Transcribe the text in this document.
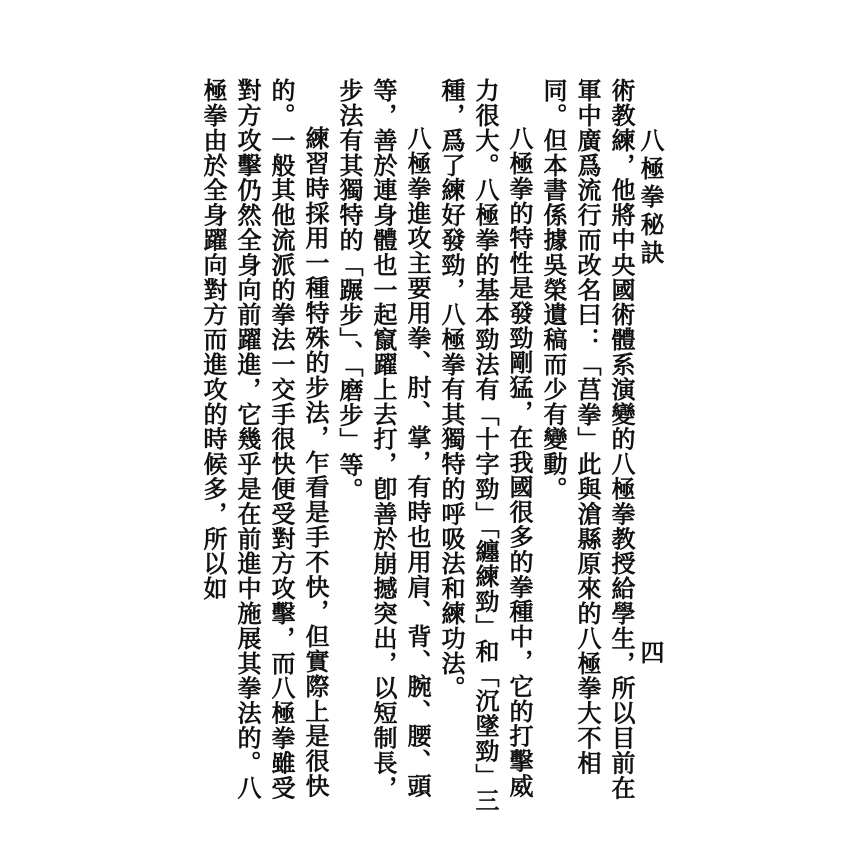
八極拳秘訣
四

術教練，他將中央國術體系演變的八極拳教授給學生，所以目前在軍中廣爲流行而改名曰：「莒拳」此與滄縣原來的八極拳大不相同。但本書係據吳榮遺稿而少有變動。

八極拳的特性是發勁剛猛，在我國很多的拳種中，它的打擊威力很大。八極拳的基本勁法有「十字勁」「纏練勁」和「沉墜勁」三種，爲了練好發勁，八極拳有其獨特的呼吸法和練功法。

八極拳進攻主要用拳、肘、掌，有時也用肩、背、腕、腰、頭等，善於連身體也一起竄躍上去打，卽善於崩撼突出，以短制長，步法有其獨特的「蹍步」、「磨步」等。

練習時採用一種特殊的步法，乍看是手不快，但實際上是很快的。一般其他流派的拳法一交手很快便受對方攻擊，而八極拳雖受對方攻擊仍然全身向前躍進，它幾乎是在前進中施展其拳法的。八極拳由於全身躍向對方而進攻的時候多，所以如
